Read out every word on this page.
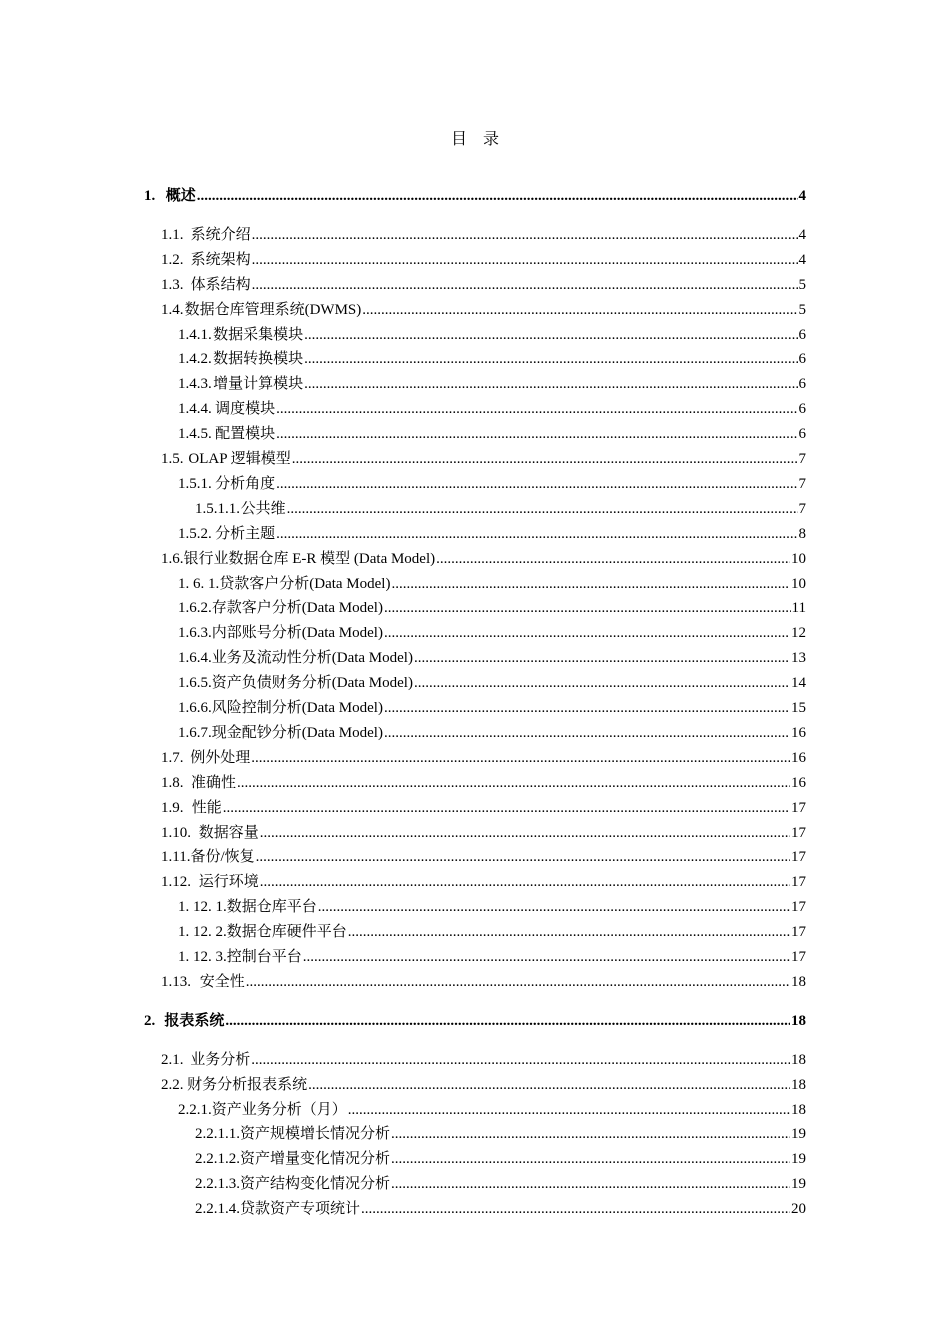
目　录
1. 概述 .....	4
1.1. 系统介绍 .....	4
1.2. 系统架构 .....	4
1.3. 体系结构 .....	5
1.4. 数据仓库管理系统(DWMS) .....	5
1.4.1. 数据采集模块 .....	6
1.4.2. 数据转换模块 .....	6
1.4.3. 增量计算模块 .....	6
1.4.4. 调度模块 .....	6
1.4.5. 配置模块 .....	6
1.5. OLAP 逻辑模型 .....	7
1.5.1. 分析角度 .....	7
1.5.1.1. 公共维 .....	7
1.5.2. 分析主题 .....	8
1.6. 银行业数据仓库 E-R 模型 (Data Model) .....	10
1. 6. 1. 贷款客户分析(Data Model) .....	10
1.6.2. 存款客户分析(Data Model) .....	11
1.6.3. 内部账号分析(Data Model) .....	12
1.6.4. 业务及流动性分析(Data Model) .....	13
1.6.5. 资产负债财务分析(Data Model) .....	14
1.6.6. 风险控制分析(Data Model) .....	15
1.6.7. 现金配钞分析(Data Model) .....	16
1.7. 例外处理 .....	16
1.8. 准确性 .....	16
1.9. 性能 .....	17
1.10. 数据容量 .....	17
1.11. 备份/恢复 .....	17
1.12. 运行环境 .....	17
1. 12. 1. 数据仓库平台 .....	17
1. 12. 2. 数据仓库硬件平台 .....	17
1. 12. 3. 控制台平台 .....	17
1.13. 安全性 .....	18
2. 报表系统 .....	18
2.1. 业务分析 .....	18
2.2. 财务分析报表系统 .....	18
2.2.1. 资产业务分析（月） .....	18
2.2.1.1. 资产规模增长情况分析 .....	19
2.2.1.2. 资产增量变化情况分析 .....	19
2.2.1.3. 资产结构变化情况分析 .....	19
2.2.1.4. 贷款资产专项统计 .....	20
